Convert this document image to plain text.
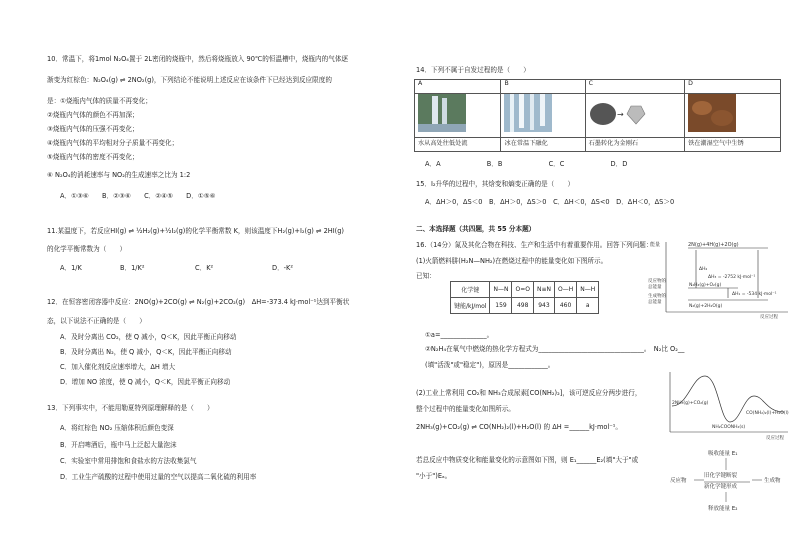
10．常温下，将1mol N₂O₄置于 2L密闭的烧瓶中，然后将烧瓶放入 90℃的恒温槽中，烧瓶内的气体逐
渐变为红棕色：N₂O₄(g) ⇌ 2NO₂(g)，下列结论不能说明上述反应在该条件下已经达到反应限度的
是：①烧瓶内气体的质量不再变化；
②烧瓶内气体的颜色不再加深；
③烧瓶内气体的压强不再变化；
④烧瓶内气体的平均相对分子质量不再变化；
⑤烧瓶内气体的密度不再变化；
⑥ N₂O₄的消耗速率与 NO₂的生成速率之比为 1:2
A．①③⑥　　B．②③⑥　　C．②④⑤　　D．①⑤⑥
11.某温度下，若反应HI(g) ⇌ ½H₂(g)+½I₂(g)的化学平衡常数 K，则该温度下H₂(g)+I₂(g) ⇌ 2HI(g)
的化学平衡常数为（　　）
A．1/K	B．1/K²	C．K²	D．-K²
12．在恒容密闭容器中反应：2NO(g)+2CO(g) ⇌ N₂(g)+2CO₂(g)　ΔH=-373.4 kJ·mol⁻¹达到平衡状
态，以下说法不正确的是（　　）
A．及时分离出 CO₂，使 Q 减小，Q＜K，因此平衡正向移动
B．及时分离出 N₂，使 Q 减小，Q＜K，因此平衡正向移动
C．加入催化剂反应速率增大，ΔH 增大
D．增加 NO 浓度，使 Q 减小，Q＜K，因此平衡正向移动
13．下列事实中，不能用勒夏特列原理解释的是（　　）
A．将红棕色 NO₂ 压缩体积后颜色变深
B．开启啤酒后，瓶中马上泛起大量泡沫
C．实验室中常用排饱和食盐水的方法收集氯气
D．工业生产硫酸的过程中使用过量的空气以提高二氧化硫的利用率
14．下列不属于自发过程的是（　　）
A	B	C	D

→

水从高处往低处流	冰在常温下融化	石墨转化为金刚石	铁在潮湿空气中生锈
A．A　　　　　　　B．B　　　　　　　C．C　　　　　　　D．D
15．I₂升华的过程中，其焓变和熵变正确的是（　　）
A．ΔH＞0，ΔS＜0　B．ΔH＞0，ΔS＞0　C．ΔH＜0，ΔS<0　D．ΔH＜0，ΔS＞0
二、本选择题（共四题，共 55 分本题）
16.（14分）氮及其化合物在科技、生产和生活中有着重要作用。回答下列问题：
(1)火箭燃料肼(H₂N—NH₂)在燃烧过程中的能量变化如下图所示。
已知：
化学键	N—N	O=O	N≡N	O—H	N—H
键能/kJ/mol	159	498	943	460	a
①a=______________。
②N₂H₄在氧气中燃烧的热化学方程式为________________________________。　N₂比 O₂__
(填"活泼"或"稳定")，原因是____________。
(2)工业上常利用 CO₂和 NH₃合成尿素[CO(NH₂)₂]，该可逆反应分两步进行，
整个过程中的能量变化如图所示。
2NH₃(g)+CO₂(g) ⇌ CO(NH₂)₂(l)+H₂O(l) 的 ΔH =______kJ·mol⁻¹。
若总反应中物质变化和能量变化的示意图如下图，则 E₁______E₂(填"大于"或
"小于")Eₐ。
能量	2N(g)+4H(g)+2O(g)
ΔH₂
ΔH₃ = -2752 kJ·mol⁻¹
反应物的
总能量
生成物的
总能量
N₂H₄(g)+O₂(g)
ΔH₁ = -534 kJ·mol⁻¹
N₂(g)+2H₂O(g)
反应过程
2NH₃(g)+CO₂(g)
NH₂COONH₄(s)
CO(NH₂)₂(l)+H₂O(l)
反应过程
吸收能量 E₁
反应物
旧化学键断裂
新化学键形成
生成物
释放能量 E₂
